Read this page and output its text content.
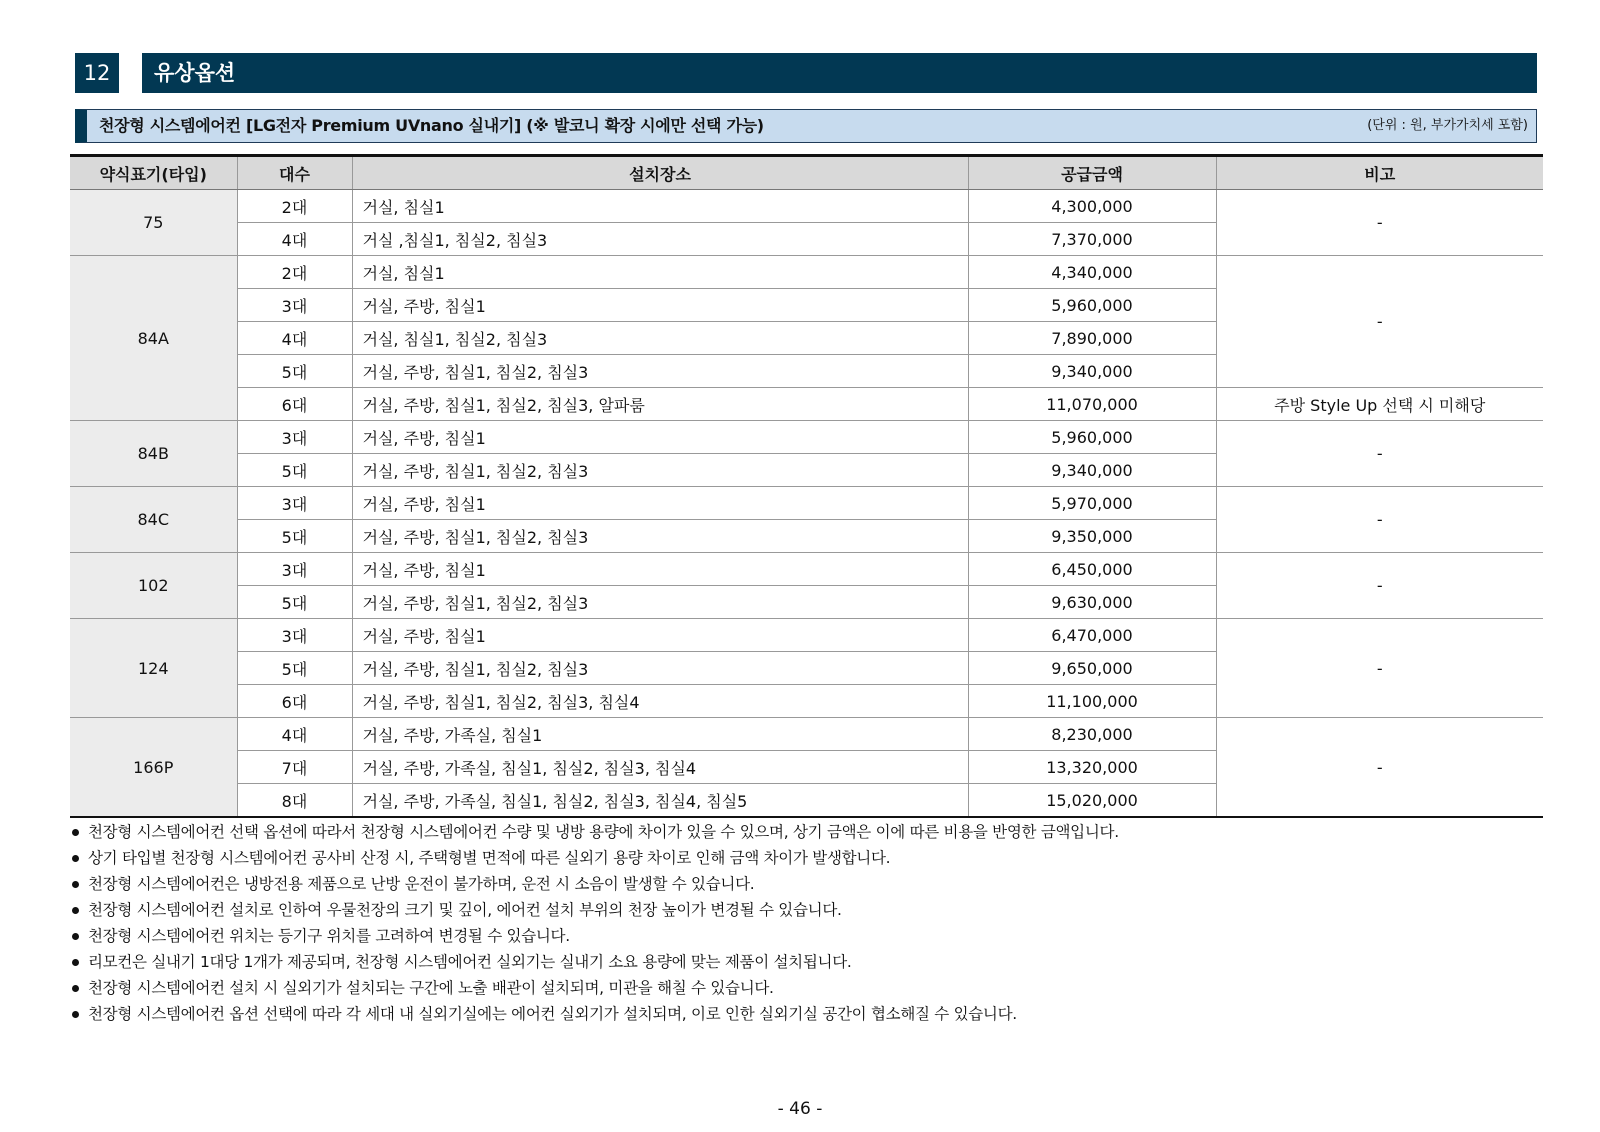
12	유상옵션
천장형 시스템에어컨 [LG전자 Premium UVnano 실내기] (※ 발코니 확장 시에만 선택 가능)	(단위 : 원, 부가가치세 포함)
약식표기(타입)	대수	설치장소	공급금액	비고
75	2대	거실, 침실1	4,300,000	-
	4대	거실 ,침실1, 침실2, 침실3	7,370,000	
84A	2대	거실, 침실1	4,340,000	-
	3대	거실, 주방, 침실1	5,960,000	
	4대	거실, 침실1, 침실2, 침실3	7,890,000	
	5대	거실, 주방, 침실1, 침실2, 침실3	9,340,000	
	6대	거실, 주방, 침실1, 침실2, 침실3, 알파룸	11,070,000	주방 Style Up 선택 시 미해당
84B	3대	거실, 주방, 침실1	5,960,000	-
	5대	거실, 주방, 침실1, 침실2, 침실3	9,340,000	
84C	3대	거실, 주방, 침실1	5,970,000	-
	5대	거실, 주방, 침실1, 침실2, 침실3	9,350,000	
102	3대	거실, 주방, 침실1	6,450,000	-
	5대	거실, 주방, 침실1, 침실2, 침실3	9,630,000	
124	3대	거실, 주방, 침실1	6,470,000	-
	5대	거실, 주방, 침실1, 침실2, 침실3	9,650,000	
	6대	거실, 주방, 침실1, 침실2, 침실3, 침실4	11,100,000	
166P	4대	거실, 주방, 가족실, 침실1	8,230,000	-
	7대	거실, 주방, 가족실, 침실1, 침실2, 침실3, 침실4	13,320,000	
	8대	거실, 주방, 가족실, 침실1, 침실2, 침실3, 침실4, 침실5	15,020,000	
천장형 시스템에어컨 선택 옵션에 따라서 천장형 시스템에어컨 수량 및 냉방 용량에 차이가 있을 수 있으며, 상기 금액은 이에 따른 비용을 반영한 금액입니다.
상기 타입별 천장형 시스템에어컨 공사비 산정 시, 주택형별 면적에 따른 실외기 용량 차이로 인해 금액 차이가 발생합니다.
천장형 시스템에어컨은 냉방전용 제품으로 난방 운전이 불가하며, 운전 시 소음이 발생할 수 있습니다.
천장형 시스템에어컨 설치로 인하여 우물천장의 크기 및 깊이, 에어컨 설치 부위의 천장 높이가 변경될 수 있습니다.
천장형 시스템에어컨 위치는 등기구 위치를 고려하여 변경될 수 있습니다.
리모컨은 실내기 1대당 1개가 제공되며, 천장형 시스템에어컨 실외기는 실내기 소요 용량에 맞는 제품이 설치됩니다.
천장형 시스템에어컨 설치 시 실외기가 설치되는 구간에 노출 배관이 설치되며, 미관을 해칠 수 있습니다.
천장형 시스템에어컨 옵션 선택에 따라 각 세대 내 실외기실에는 에어컨 실외기가 설치되며, 이로 인한 실외기실 공간이 협소해질 수 있습니다.
- 46 -
